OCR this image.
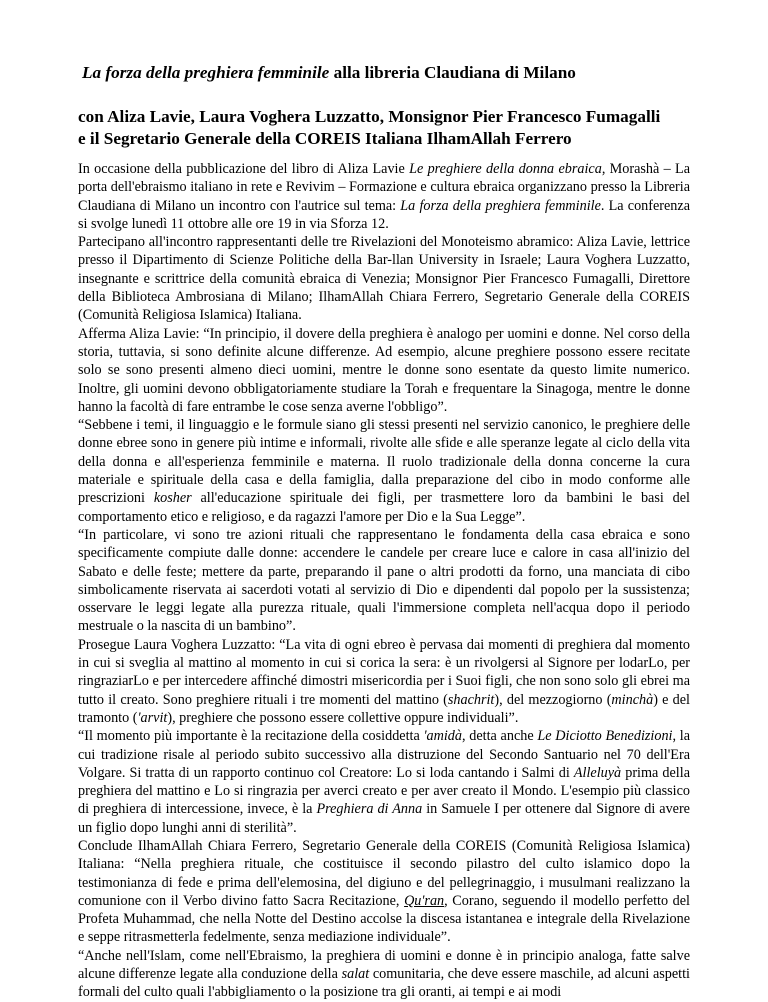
La forza della preghiera femminile alla libreria Claudiana di Milano
con Aliza Lavie, Laura Voghera Luzzatto, Monsignor Pier Francesco Fumagalli
e il Segretario Generale della COREIS Italiana IlhamAllah Ferrero

In occasione della pubblicazione del libro di Aliza Lavie Le preghiere della donna ebraica, Morashà – La porta dell'ebraismo italiano in rete e Revivim – Formazione e cultura ebraica organizzano presso la Libreria Claudiana di Milano un incontro con l'autrice sul tema: La forza della preghiera femminile. La conferenza si svolge lunedì 11 ottobre alle ore 19 in via Sforza 12.

Partecipano all'incontro rappresentanti delle tre Rivelazioni del Monoteismo abramico: Aliza Lavie, lettrice presso il Dipartimento di Scienze Politiche della Bar-llan University in Israele; Laura Voghera Luzzatto, insegnante e scrittrice della comunità ebraica di Venezia; Monsignor Pier Francesco Fumagalli, Direttore della Biblioteca Ambrosiana di Milano; IlhamAllah Chiara Ferrero, Segretario Generale della COREIS (Comunità Religiosa Islamica) Italiana.

Afferma Aliza Lavie: “In principio, il dovere della preghiera è analogo per uomini e donne. Nel corso della storia, tuttavia, si sono definite alcune differenze. Ad esempio, alcune preghiere possono essere recitate solo se sono presenti almeno dieci uomini, mentre le donne sono esentate da questo limite numerico. Inoltre, gli uomini devono obbligatoriamente studiare la Torah e frequentare la Sinagoga, mentre le donne hanno la facoltà di fare entrambe le cose senza averne l'obbligo”.

“Sebbene i temi, il linguaggio e le formule siano gli stessi presenti nel servizio canonico, le preghiere delle donne ebree sono in genere più intime e informali, rivolte alle sfide e alle speranze legate al ciclo della vita della donna e all'esperienza femminile e materna. Il ruolo tradizionale della donna concerne la cura materiale e spirituale della casa e della famiglia, dalla preparazione del cibo in modo conforme alle prescrizioni kosher all'educazione spirituale dei figli, per trasmettere loro da bambini le basi del comportamento etico e religioso, e da ragazzi l'amore per Dio e la Sua Legge”.

“In particolare, vi sono tre azioni rituali che rappresentano le fondamenta della casa ebraica e sono specificamente compiute dalle donne: accendere le candele per creare luce e calore in casa all'inizio del Sabato e delle feste; mettere da parte, preparando il pane o altri prodotti da forno, una manciata di cibo simbolicamente riservata ai sacerdoti votati al servizio di Dio e dipendenti dal popolo per la sussistenza; osservare le leggi legate alla purezza rituale, quali l'immersione completa nell'acqua dopo il periodo mestruale o la nascita di un bambino”.

Prosegue Laura Voghera Luzzatto: “La vita di ogni ebreo è pervasa dai momenti di preghiera dal momento in cui si sveglia al mattino al momento in cui si corica la sera: è un rivolgersi al Signore per lodarLo, per ringraziarLo e per intercedere affinché dimostri misericordia per i Suoi figli, che non sono solo gli ebrei ma tutto il creato. Sono preghiere rituali i tre momenti del mattino (shachrit), del mezzogiorno (minchà) e del tramonto ('arvit), preghiere che possono essere collettive oppure individuali”.

“Il momento più importante è la recitazione della cosiddetta 'amidà, detta anche Le Diciotto Benedizioni, la cui tradizione risale al periodo subito successivo alla distruzione del Secondo Santuario nel 70 dell'Era Volgare. Si tratta di un rapporto continuo col Creatore: Lo si loda cantando i Salmi di Alleluyà prima della preghiera del mattino e Lo si ringrazia per averci creato e per aver creato il Mondo. L'esempio più classico di preghiera di intercessione, invece, è la Preghiera di Anna in Samuele I per ottenere dal Signore di avere un figlio dopo lunghi anni di sterilità”.

Conclude IlhamAllah Chiara Ferrero, Segretario Generale della COREIS (Comunità Religiosa Islamica) Italiana: “Nella preghiera rituale, che costituisce il secondo pilastro del culto islamico dopo la testimonianza di fede e prima dell'elemosina, del digiuno e del pellegrinaggio, i musulmani realizzano la comunione con il Verbo divino fatto Sacra Recitazione, Qu'ran, Corano, seguendo il modello perfetto del Profeta Muhammad, che nella Notte del Destino accolse la discesa istantanea e integrale della Rivelazione e seppe ritrasmetterla fedelmente, senza mediazione individuale”.

“Anche nell'Islam, come nell'Ebraismo, la preghiera di uomini e donne è in principio analoga, fatte salve alcune differenze legate alla conduzione della salat comunitaria, che deve essere maschile, ad alcuni aspetti formali del culto quali l'abbigliamento o la posizione tra gli oranti, ai tempi e ai modi
